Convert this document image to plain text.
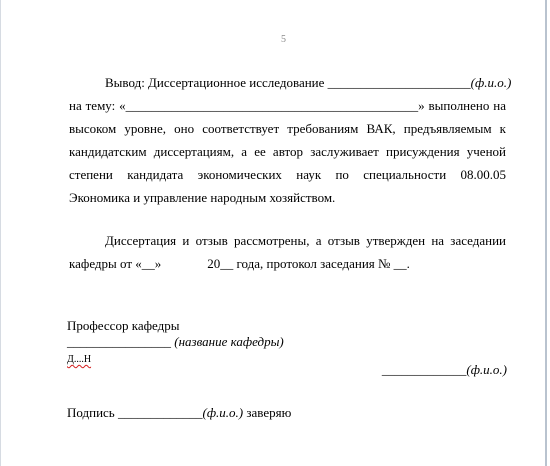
5
Вывод: Диссертационное исследование ______________________(ф.и.о.)
на тему: «_____________________________________________» выполнено на
высоком уровне, оно соответствует требованиям ВАК, предъявляемым к
кандидатским диссертациям, а ее автор заслуживает присуждения ученой
степени кандидата экономических наук по специальности 08.00.05
Экономика и управление народным хозяйством.
Диссертация и отзыв рассмотрены, а отзыв утвержден на заседании
кафедры от «__»	20__ года, протокол заседания № __.
Профессор кафедры
________________ (название кафедры)
Д....Н
_____________(ф.и.о.)
Подпись _____________(ф.и.о.) заверяю
